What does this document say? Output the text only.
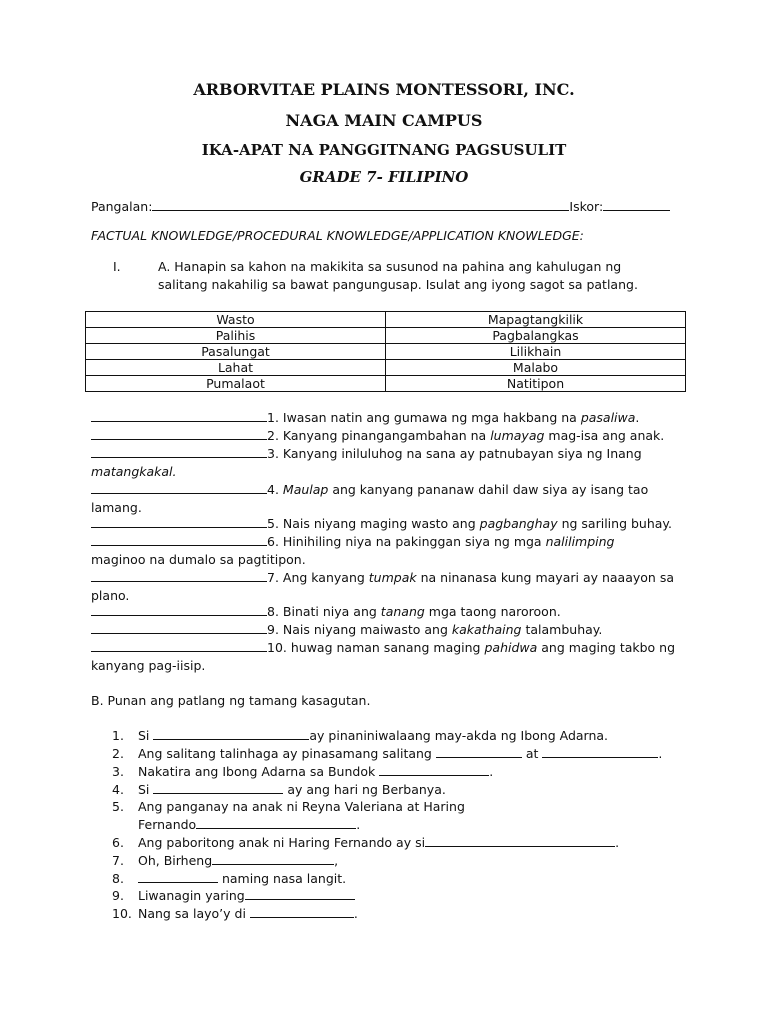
ARBORVITAE PLAINS MONTESSORI, INC.
NAGA MAIN CAMPUS
IKA-APAT NA PANGGITNANG PAGSUSULIT
GRADE 7- FILIPINO
Pangalan:	Iskor:
FACTUAL KNOWLEDGE/PROCEDURAL KNOWLEDGE/APPLICATION KNOWLEDGE:
I.	A. Hanapin sa kahon na makikita sa susunod na pahina ang kahulugan ng
salitang nakahilig sa bawat pangungusap. Isulat ang iyong sagot sa patlang.
Wasto	Mapagtangkilik
Palihis	Pagbalangkas
Pasalungat	Lilikhain
Lahat	Malabo
Pumalaot	Natitipon
1. Iwasan natin ang gumawa ng mga hakbang na pasaliwa.
2. Kanyang pinangangambahan na lumayag mag-isa ang anak.
3. Kanyang iniluluhog na sana ay patnubayan siya ng Inang
matangkakal.
4. Maulap ang kanyang pananaw dahil daw siya ay isang tao
lamang.
5. Nais niyang maging wasto ang pagbanghay ng sariling buhay.
6. Hinihiling niya na pakinggan siya ng mga nalilimping
maginoo na dumalo sa pagtitipon.
7. Ang kanyang tumpak na ninanasa kung mayari ay naaayon sa
plano.
8. Binati niya ang tanang mga taong naroroon.
9. Nais niyang maiwasto ang kakathaing talambuhay.
10. huwag naman sanang maging pahidwa ang maging takbo ng
kanyang pag-iisip.
B. Punan ang patlang ng tamang kasagutan.
1. Si	ay pinaniniwalaang may-akda ng Ibong Adarna.
2. Ang salitang talinhaga ay pinasamang salitang	at	.
3. Nakatira ang Ibong Adarna sa Bundok	.
4. Si	ay ang hari ng Berbanya.
5. Ang panganay na anak ni Reyna Valeriana at Haring
Fernando	.
6. Ang paboritong anak ni Haring Fernando ay si	.
7. Oh, Birheng	,
8.	naming nasa langit.
9. Liwanagin yaring
10. Nang sa layo’y di	.
